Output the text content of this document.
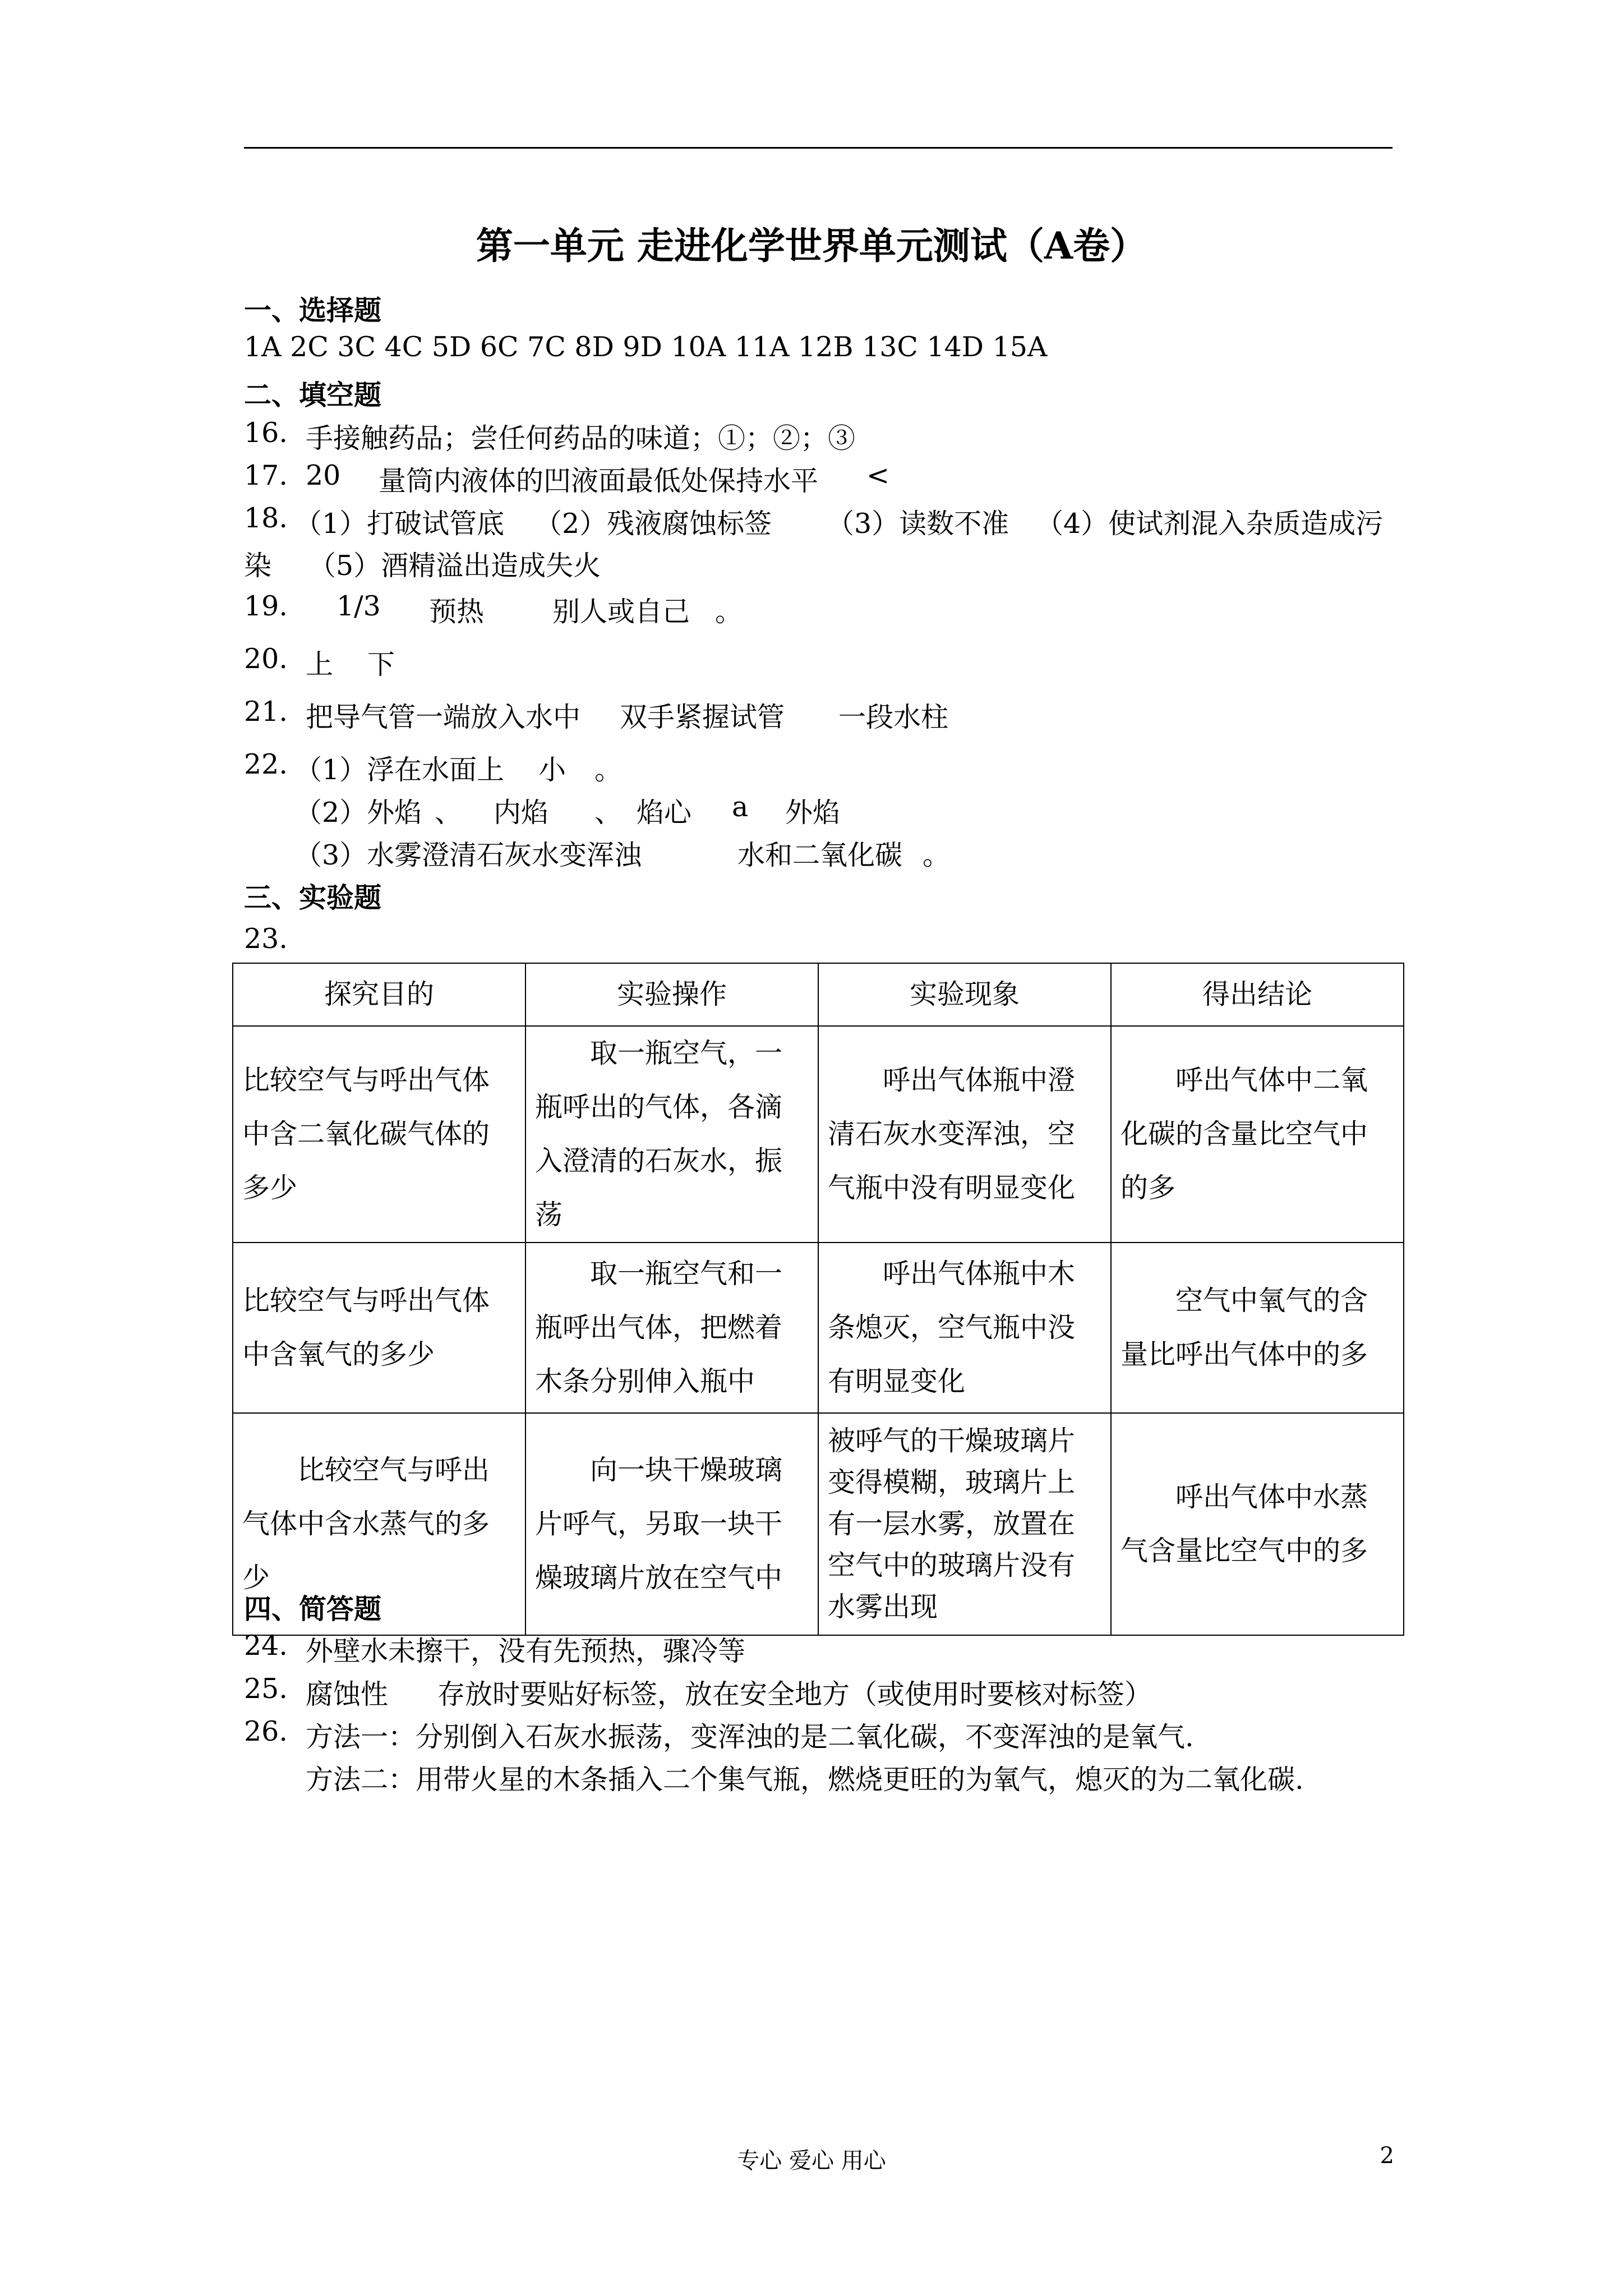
第一单元 走进化学世界单元测试（A卷）
一、选择题
1A 2C 3C 4C 5D 6C 7C 8D 9D 10A 11A 12B 13C 14D 15A
二、填空题
16. 手接触药品；尝任何药品的味道；①；②；③
17. 20 量筒内液体的凹液面最低处保持水平 <
18. （1）打破试管底 （2）残液腐蚀标签 （3）读数不准 （4）使试剂混入杂质造成污
染 （5）酒精溢出造成失火
19. 1/3 预热 别人或自己 。
20. 上 下
21. 把导气管一端放入水中 双手紧握试管 一段水柱
22. （1）浮在水面上 小 。
（2）外焰 、 内焰 、 焰心 a 外焰
（3）水雾澄清石灰水变浑浊	水和二氧化碳 。
三、实验题
23.
探究目的	实验操作	实验现象	得出结论
比较空气与呼出气体中含二氧化碳气体的多少	取一瓶空气，一瓶呼出的气体，各滴入澄清的石灰水，振荡	呼出气体瓶中澄清石灰水变浑浊，空气瓶中没有明显变化	呼出气体中二氧化碳的含量比空气中的多
比较空气与呼出气体中含氧气的多少	取一瓶空气和一瓶呼出气体，把燃着木条分别伸入瓶中	呼出气体瓶中木条熄灭，空气瓶中没有明显变化	空气中氧气的含量比呼出气体中的多
比较空气与呼出气体中含水蒸气的多少	向一块干燥玻璃片呼气，另取一块干燥玻璃片放在空气中	被呼气的干燥玻璃片变得模糊，玻璃片上有一层水雾，放置在空气中的玻璃片没有水雾出现	呼出气体中水蒸气含量比空气中的多
四、简答题
24. 外壁水未擦干，没有先预热，骤冷等
25. 腐蚀性 存放时要贴好标签，放在安全地方（或使用时要核对标签）
26. 方法一：分别倒入石灰水振荡，变浑浊的是二氧化碳，不变浑浊的是氧气.
方法二：用带火星的木条插入二个集气瓶，燃烧更旺的为氧气，熄灭的为二氧化碳.
专心 爱心 用心	2
